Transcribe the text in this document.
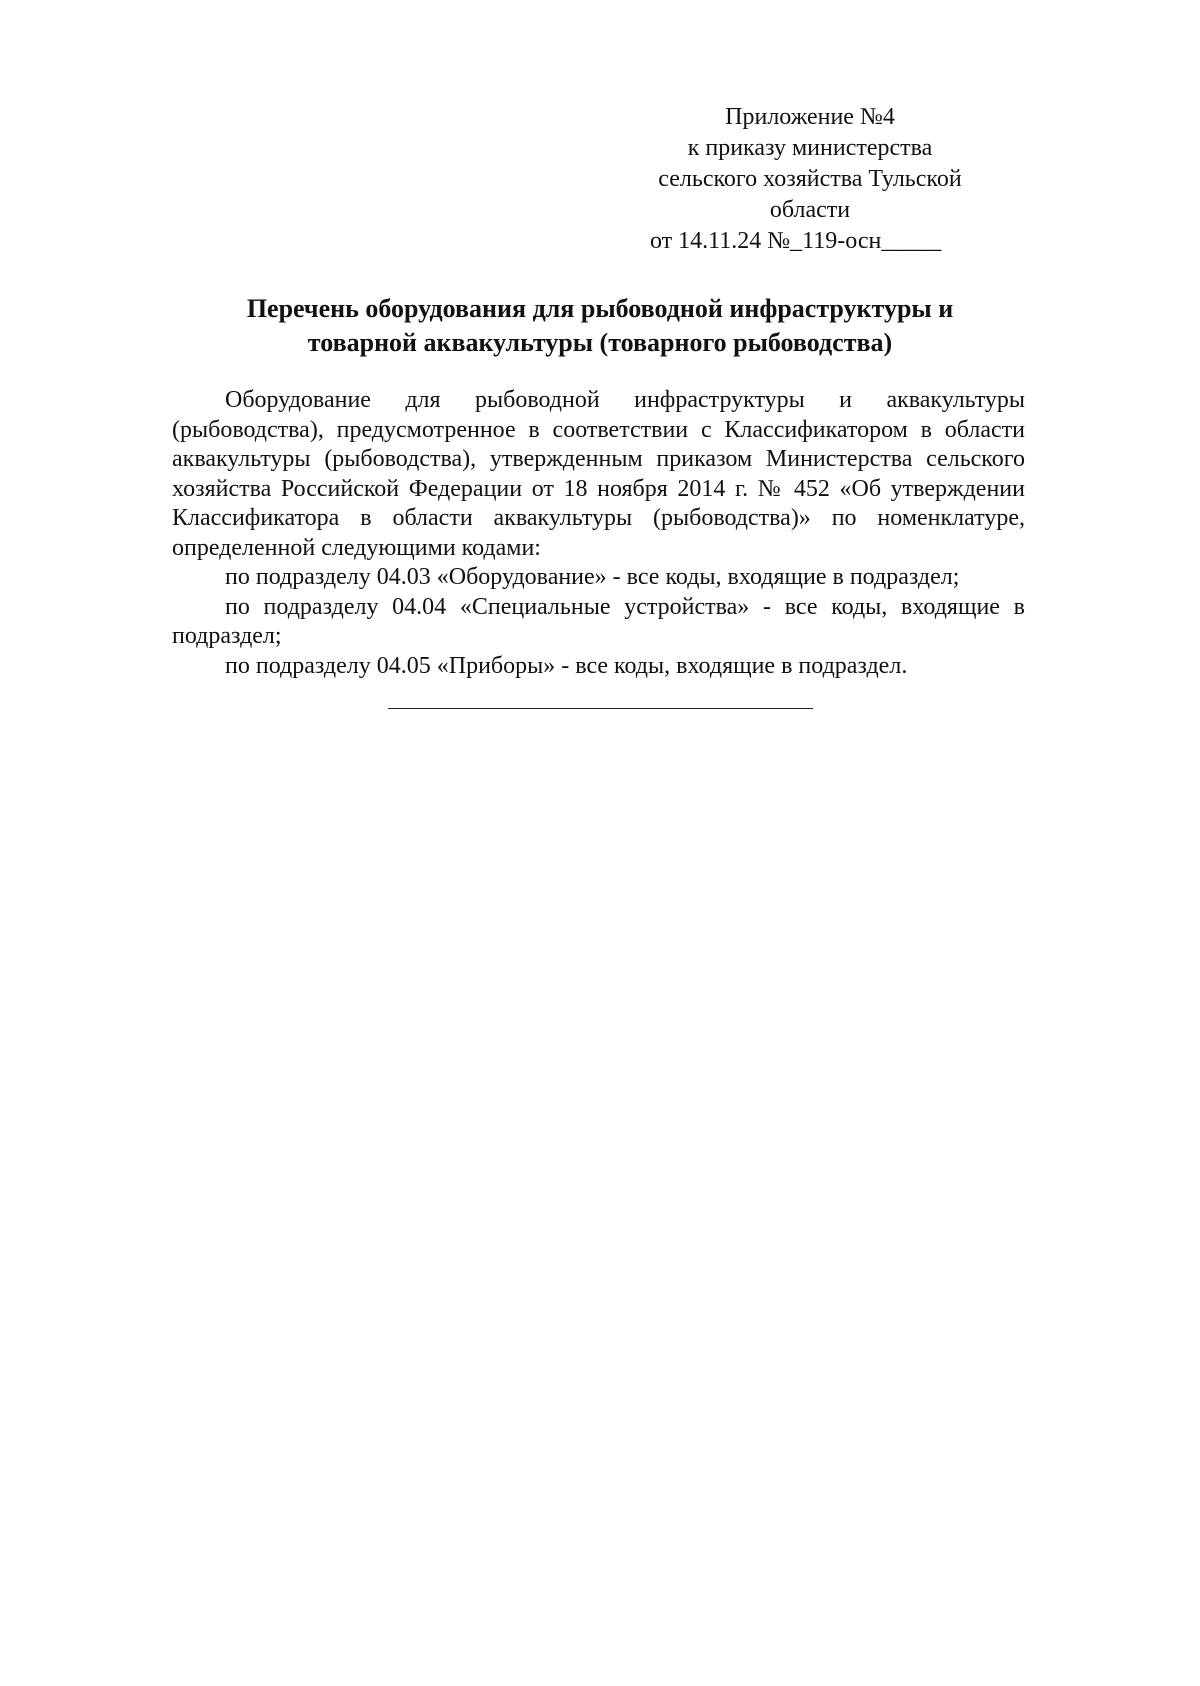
Приложение №4
к приказу министерства
сельского хозяйства Тульской
области
от 14.11.24 №_119-осн_____
Перечень оборудования для рыбоводной инфраструктуры и
товарной аквакультуры (товарного рыбоводства)

Оборудование для рыбоводной инфраструктуры и аквакультуры (рыбоводства), предусмотренное в соответствии с Классификатором в области аквакультуры (рыбоводства), утвержденным приказом Министерства сельского хозяйства Российской Федерации от 18 ноября 2014 г. № 452 «Об утверждении Классификатора в области аквакультуры (рыбоводства)» по номенклатуре, определенной следующими кодами:

по подразделу 04.03 «Оборудование» - все коды, входящие в подраздел;

по подразделу 04.04 «Специальные устройства» - все коды, входящие в подраздел;

по подразделу 04.05 «Приборы» - все коды, входящие в подраздел.
